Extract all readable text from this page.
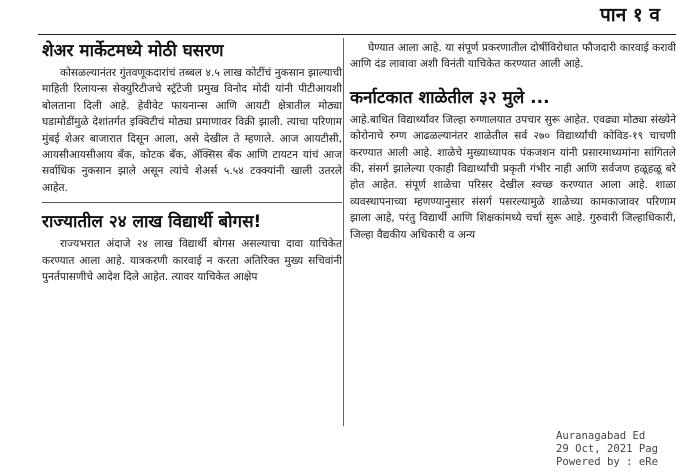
पान १ व
शेअर मार्केटमध्ये मोठी घसरण
कोसळल्यानंतर गुंतवणूकदारांचं तब्बल ४.५ लाख कोटींचं नुकसान झाल्याची माहिती रिलायन्स सेक्युरिटीजचे स्ट्रॅटेजी प्रमुख विनोद मोदी यांनी पीटीआयशी बोलताना दिली आहे. हेवीवेट फायनान्स आणि आयटी क्षेत्रातील मोठ्या घडामोडींमुळे देशांतर्गत इक्विटीचं मोठ्या प्रमाणावर विक्री झाली. त्याचा परिणाम मुंबई शेअर बाजारात दिसून आला, असे देखील ते म्हणाले. आज आयटीसी, आयसीआयसीआय बँक, कोटक बँक, ॲक्सिस बँक आणि टायटन यांचं आज सर्वाधिक नुकसान झाले असून त्यांचे शेअर्स ५.५४ टक्क्यांनी खाली उतरले आहेत.
राज्यातील २४ लाख विद्यार्थी बोगस!
राज्यभरात अंदाजे २४ लाख विद्यार्थी बोगस असल्याचा दावा याचिकेत करण्यात आला आहे. यात्रकरणी कारवाई न करता अतिरिक्त मुख्य सचिवांनी पुनर्तपासणीचे आदेश दिले आहेत. त्यावर याचिकेत आक्षेप
घेण्यात आला आहे. या संपूर्ण प्रकरणातील दोषींविरोधात फौजदारी कारवाई करावी आणि दंड लावावा अशी विनंती याचिकेत करण्यात आली आहे.
कर्नाटकात शाळेतील ३२ मुले ...
आहे.बाधित विद्यार्थ्यांवर जिल्हा रुग्णालयात उपचार सुरू आहेत. एवढ्या मोठ्या संख्येने कोरोनाचे रुग्ण आढळल्यानंतर शाळेतील सर्व २७० विद्यार्थ्यांची कोविड-१९ चाचणी करण्यात आली आहे. शाळेचे मुख्याध्यापक पंकजशन यांनी प्रसारमाध्यमांना सांगितले की, संसर्ग झालेल्या एकाही विद्यार्थ्यांची प्रकृती गंभीर नाही आणि सर्वजण हळूहळू बरे होत आहेत. संपूर्ण शाळेचा परिसर देखील स्वच्छ करण्यात आला आहे. शाळा व्यवस्थापनाच्या म्हणण्यानुसार संसर्ग पसरल्यामुळे शाळेच्या कामकाजावर परिणाम झाला आहे, परंतु विद्यार्थी आणि शिक्षकांमध्ये चर्चा सुरू आहे. गुरुवारी जिल्हाधिकारी, जिल्हा वैद्यकीय अधिकारी व अन्य
Auranagabad Ed
29 Oct, 2021 Pag
Powered by : eRe
